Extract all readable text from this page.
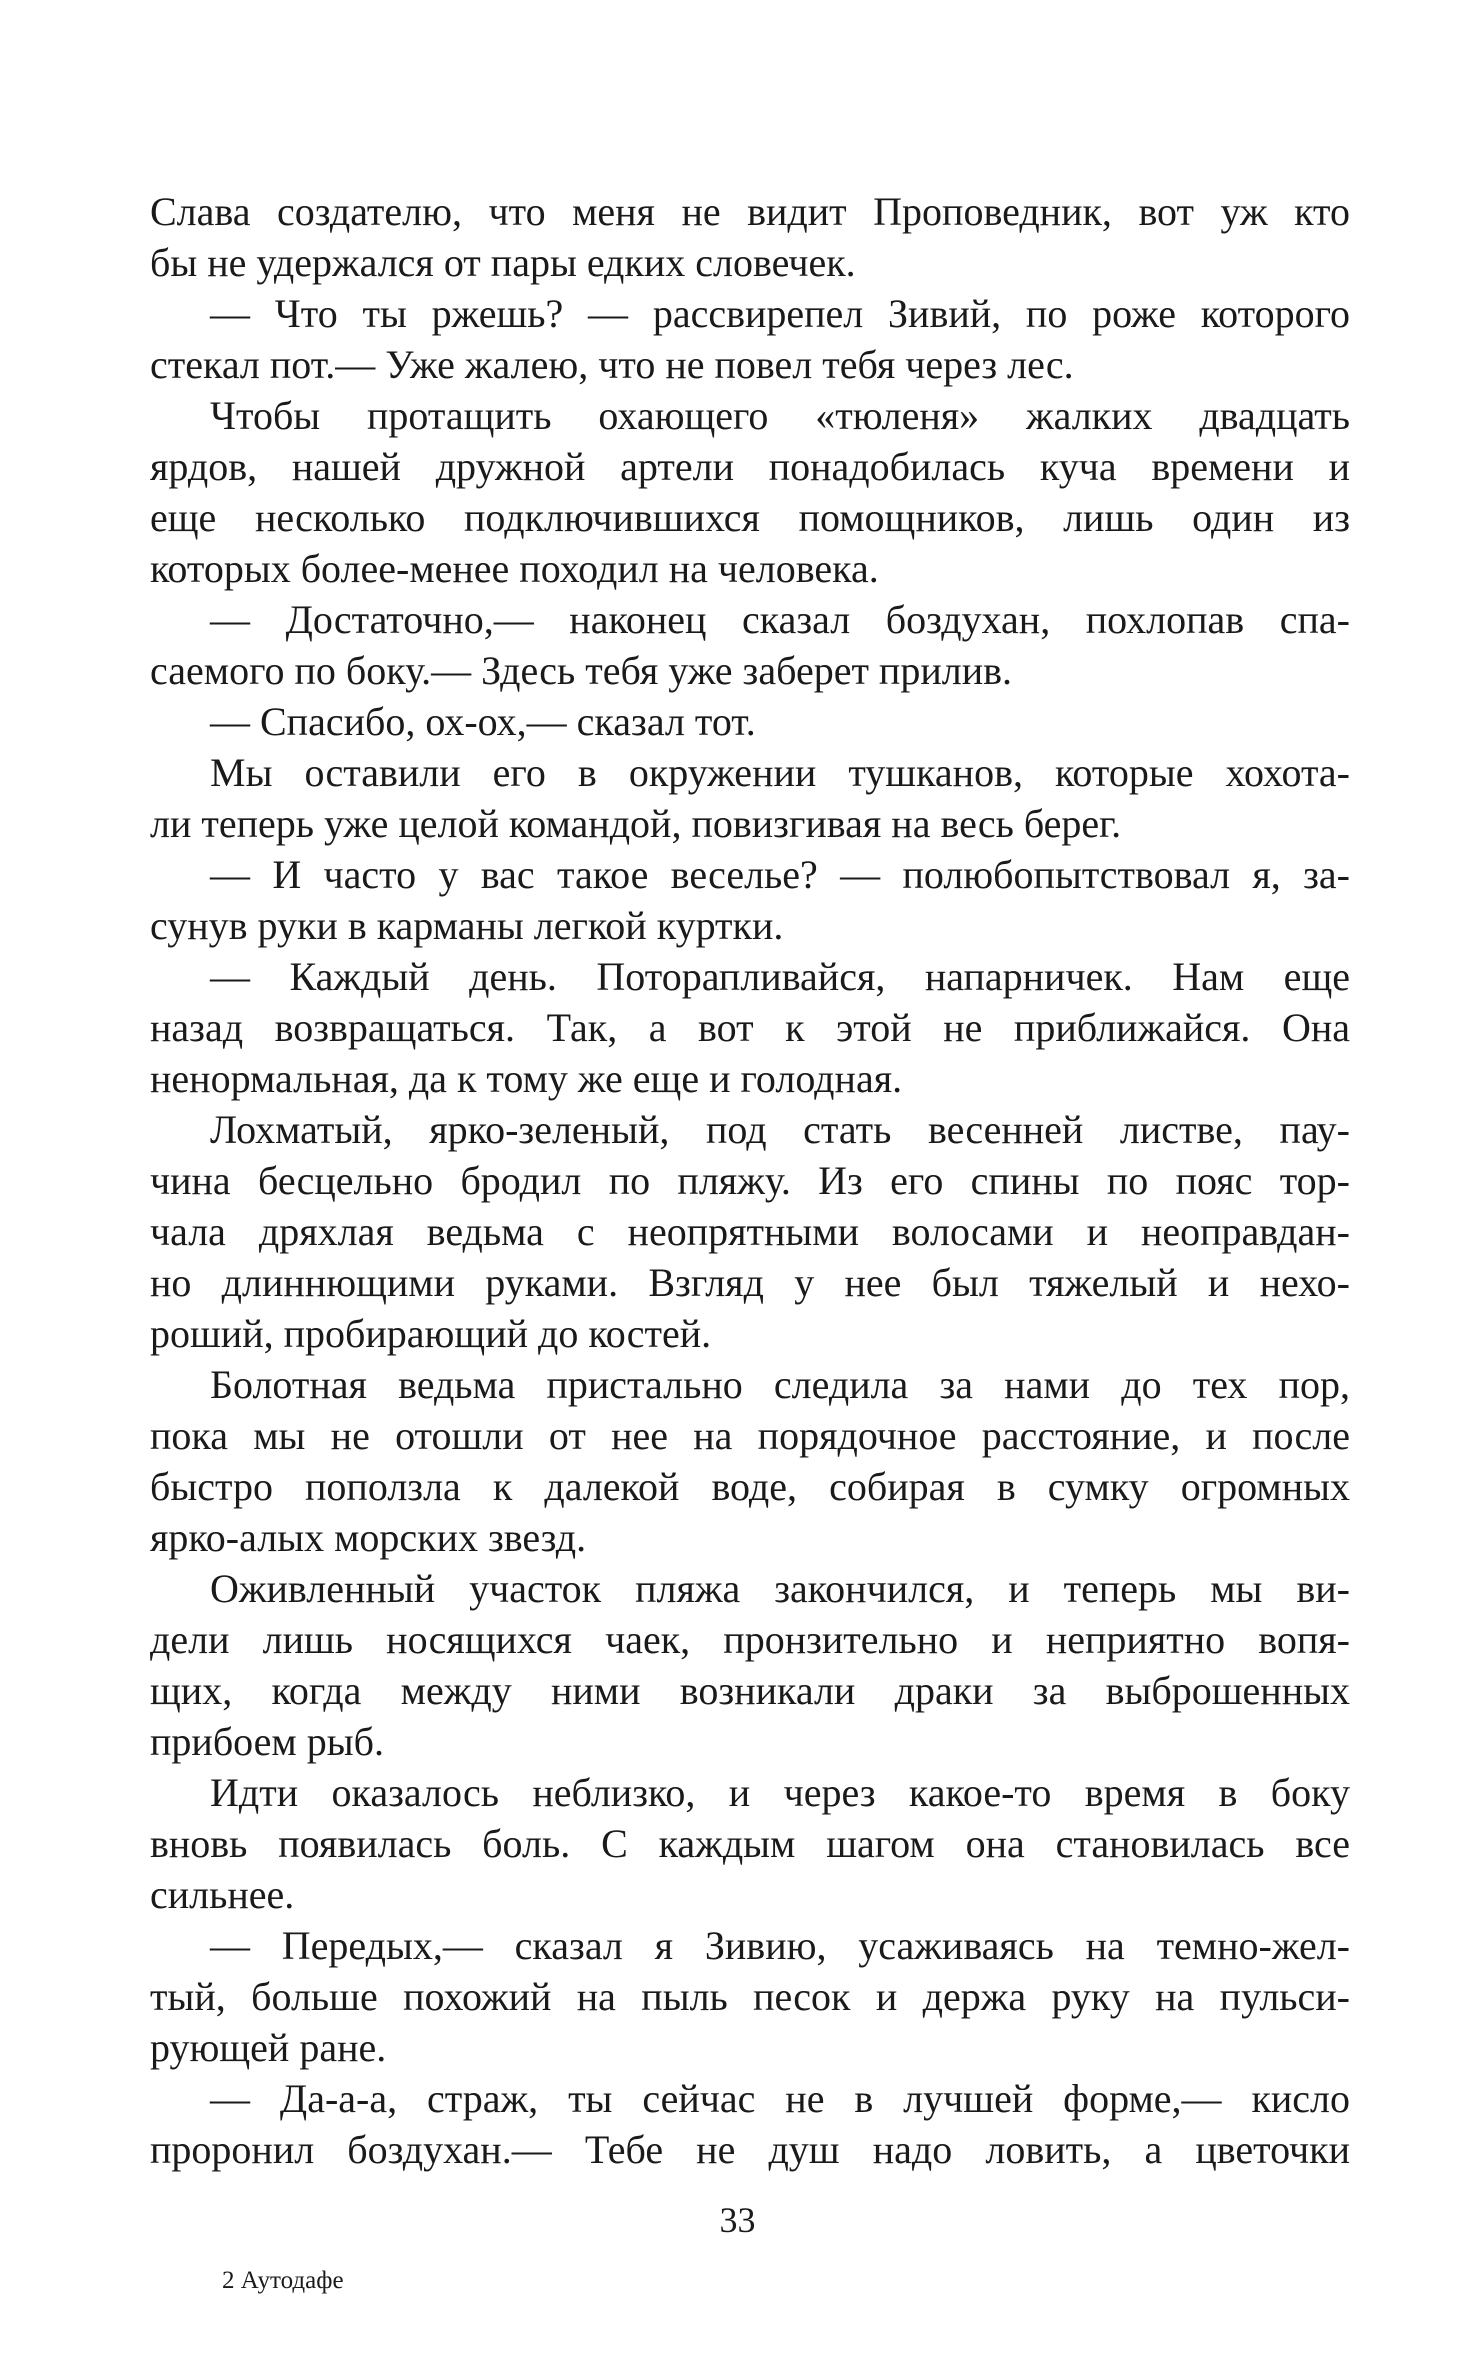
Слава создателю, что меня не видит Проповедник, вот уж кто
бы не удержался от пары едких словечек.
— Что ты ржешь? — рассвирепел Зивий, по роже которого
стекал пот.— Уже жалею, что не повел тебя через лес.
Чтобы протащить охающего «тюленя» жалких двадцать
ярдов, нашей дружной артели понадобилась куча времени и
еще несколько подключившихся помощников, лишь один из
которых более-менее походил на человека.
— Достаточно,— наконец сказал боздухан, похлопав спа-
саемого по боку.— Здесь тебя уже заберет прилив.
— Спасибо, ох-ох,— сказал тот.
Мы оставили его в окружении тушканов, которые хохота-
ли теперь уже целой командой, повизгивая на весь берег.
— И часто у вас такое веселье? — полюбопытствовал я, за-
сунув руки в карманы легкой куртки.
— Каждый день. Поторапливайся, напарничек. Нам еще
назад возвращаться. Так, а вот к этой не приближайся. Она
ненормальная, да к тому же еще и голодная.
Лохматый, ярко-зеленый, под стать весенней листве, пау-
чина бесцельно бродил по пляжу. Из его спины по пояс тор-
чала дряхлая ведьма с неопрятными волосами и неоправдан-
но длиннющими руками. Взгляд у нее был тяжелый и нехо-
роший, пробирающий до костей.
Болотная ведьма пристально следила за нами до тех пор,
пока мы не отошли от нее на порядочное расстояние, и после
быстро поползла к далекой воде, собирая в сумку огромных
ярко-алых морских звезд.
Оживленный участок пляжа закончился, и теперь мы ви-
дели лишь носящихся чаек, пронзительно и неприятно вопя-
щих, когда между ними возникали драки за выброшенных
прибоем рыб.
Идти оказалось неблизко, и через какое-то время в боку
вновь появилась боль. С каждым шагом она становилась все
сильнее.
— Передых,— сказал я Зивию, усаживаясь на темно-жел-
тый, больше похожий на пыль песок и держа руку на пульси-
рующей ране.
— Да-а-а, страж, ты сейчас не в лучшей форме,— кисло
проронил боздухан.— Тебе не душ надо ловить, а цветочки
33
2 Аутодафе
